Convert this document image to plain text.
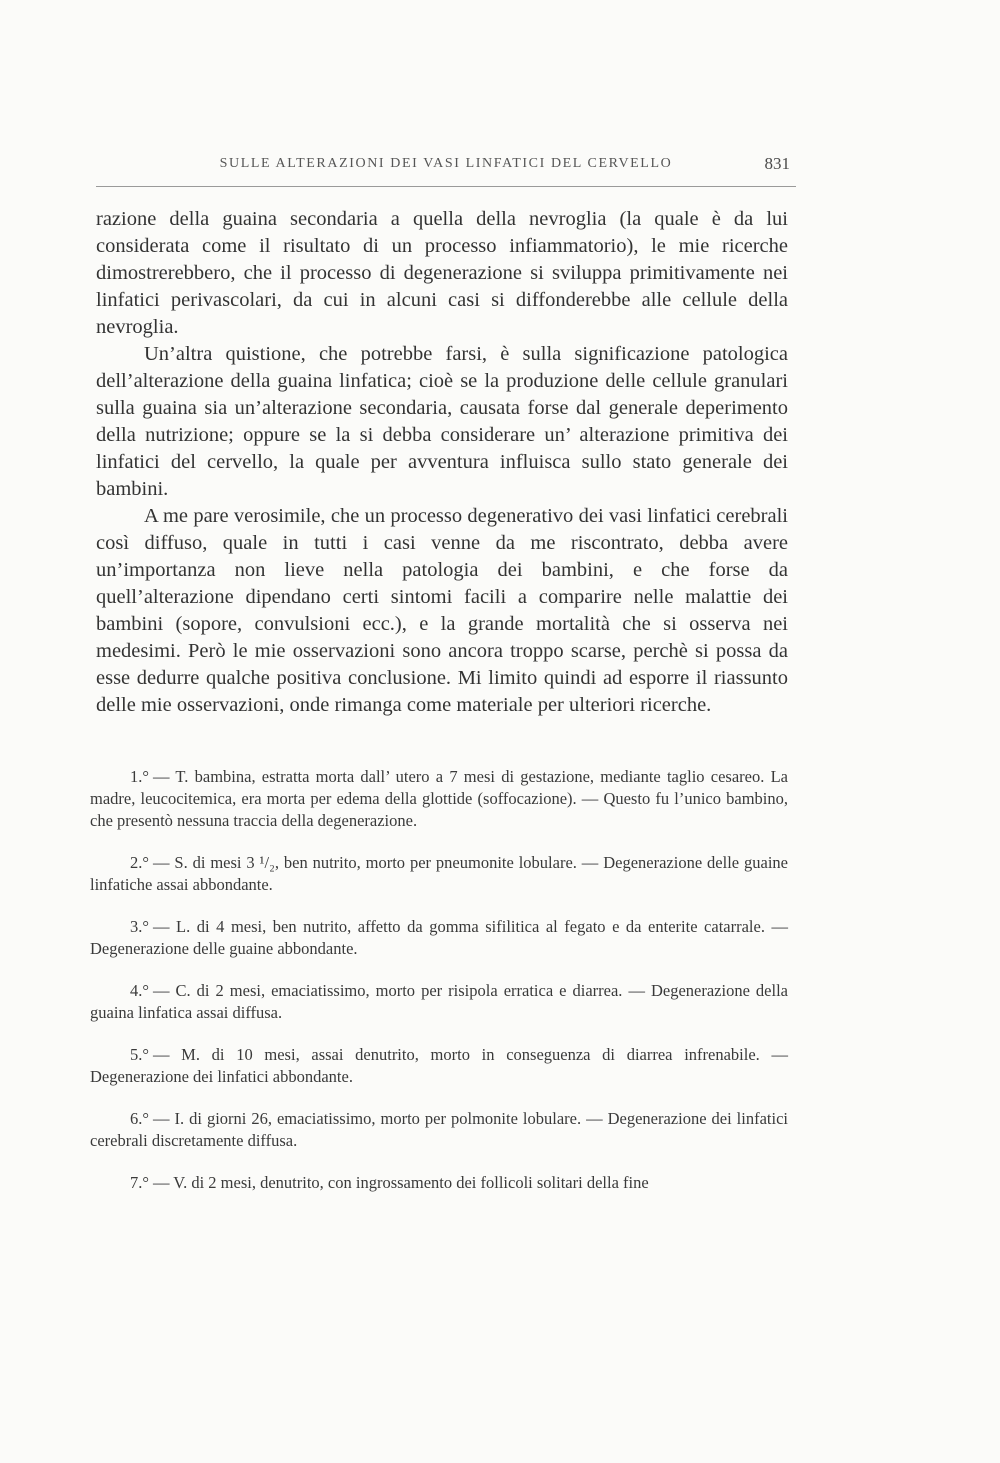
SULLE ALTERAZIONI DEI VASI LINFATICI DEL CERVELLO	831

razione della guaina secondaria a quella della nevroglia (la quale è da lui considerata come il risultato di un processo infiammatorio), le mie ricerche dimostrerebbero, che il processo di degenerazione si sviluppa primitivamente nei linfatici perivascolari, da cui in alcuni casi si diffonderebbe alle cellule della nevroglia.

Un’altra quistione, che potrebbe farsi, è sulla significazione patologica dell’alterazione della guaina linfatica; cioè se la produzione delle cellule granulari sulla guaina sia un’alterazione secondaria, causata forse dal generale deperimento della nutrizione; oppure se la si debba considerare un’ alterazione primitiva dei linfatici del cervello, la quale per avventura influisca sullo stato generale dei bambini.

A me pare verosimile, che un processo degenerativo dei vasi linfatici cerebrali così diffuso, quale in tutti i casi venne da me riscontrato, debba avere un’importanza non lieve nella patologia dei bambini, e che forse da quell’alterazione dipendano certi sintomi facili a comparire nelle malattie dei bambini (sopore, convulsioni ecc.), e la grande mortalità che si osserva nei medesimi. Però le mie osservazioni sono ancora troppo scarse, perchè si possa da esse dedurre qualche positiva conclusione. Mi limito quindi ad esporre il riassunto delle mie osservazioni, onde rimanga come materiale per ulteriori ricerche.

1.° — T. bambina, estratta morta dall’ utero a 7 mesi di gestazione, mediante taglio cesareo. La madre, leucocitemica, era morta per edema della glottide (soffocazione). — Questo fu l’unico bambino, che presentò nessuna traccia della degenerazione.

2.° — S. di mesi 3 ¹/₂, ben nutrito, morto per pneumonite lobulare. — Degenerazione delle guaine linfatiche assai abbondante.

3.° — L. di 4 mesi, ben nutrito, affetto da gomma sifilitica al fegato e da enterite catarrale. — Degenerazione delle guaine abbondante.

4.° — C. di 2 mesi, emaciatissimo, morto per risipola erratica e diarrea. — Degenerazione della guaina linfatica assai diffusa.

5.° — M. di 10 mesi, assai denutrito, morto in conseguenza di diarrea infrenabile. — Degenerazione dei linfatici abbondante.

6.° — I. di giorni 26, emaciatissimo, morto per polmonite lobulare. — Degenerazione dei linfatici cerebrali discretamente diffusa.

7.° — V. di 2 mesi, denutrito, con ingrossamento dei follicoli solitari della fine
